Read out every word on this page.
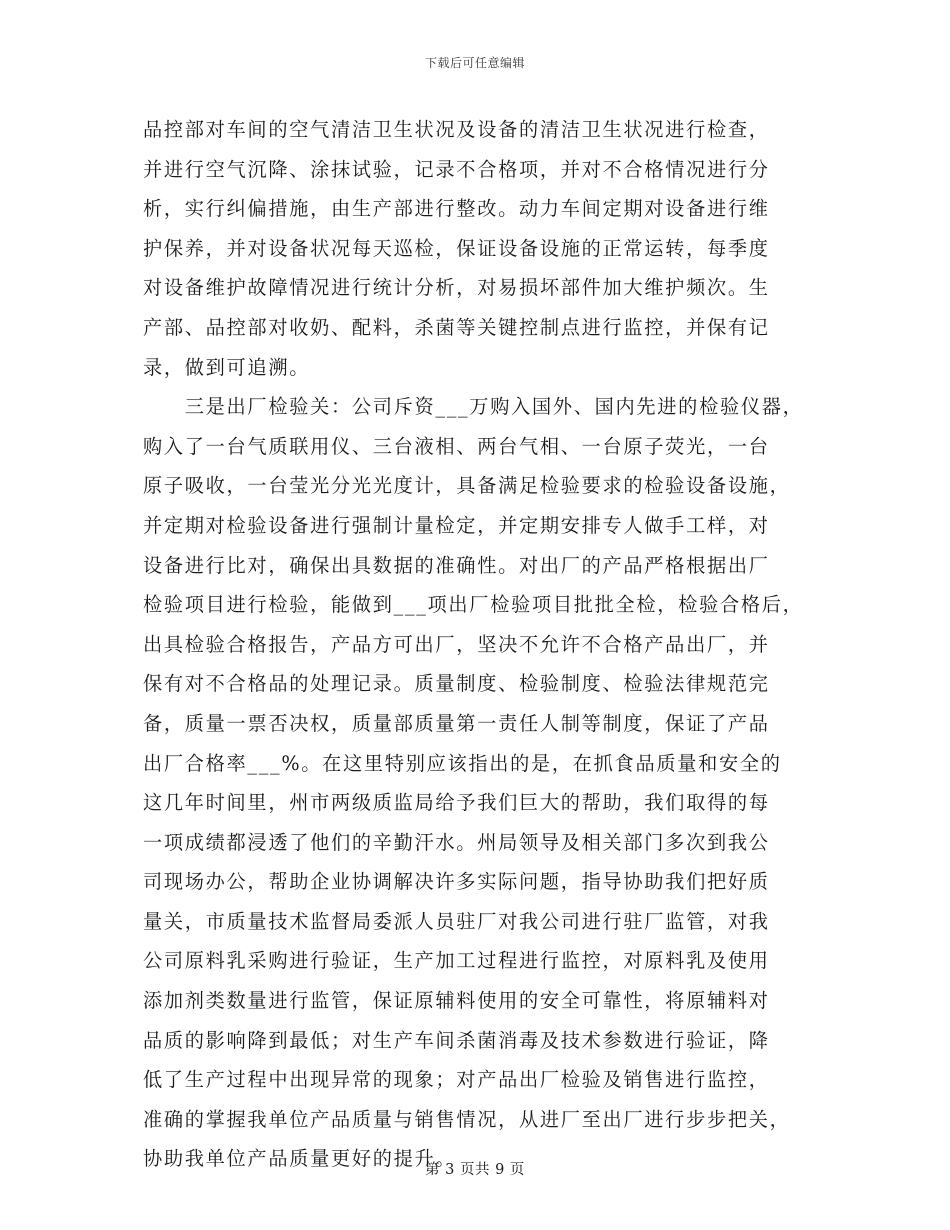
下载后可任意编辑
品控部对车间的空气清洁卫生状况及设备的清洁卫生状况进行检查，
并进行空气沉降、涂抹试验，记录不合格项，并对不合格情况进行分
析，实行纠偏措施，由生产部进行整改。动力车间定期对设备进行维
护保养，并对设备状况每天巡检，保证设备设施的正常运转，每季度
对设备维护故障情况进行统计分析，对易损坏部件加大维护频次。生
产部、品控部对收奶、配料，杀菌等关键控制点进行监控，并保有记
录，做到可追溯。
　　三是出厂检验关：公司斥资___万购入国外、国内先进的检验仪器，
购入了一台气质联用仪、三台液相、两台气相、一台原子荧光，一台
原子吸收，一台莹光分光光度计，具备满足检验要求的检验设备设施，
并定期对检验设备进行强制计量检定，并定期安排专人做手工样，对
设备进行比对，确保出具数据的准确性。对出厂的产品严格根据出厂
检验项目进行检验，能做到___项出厂检验项目批批全检，检验合格后，
出具检验合格报告，产品方可出厂，坚决不允许不合格产品出厂，并
保有对不合格品的处理记录。质量制度、检验制度、检验法律规范完
备，质量一票否决权，质量部质量第一责任人制等制度，保证了产品
出厂合格率___%。在这里特别应该指出的是，在抓食品质量和安全的
这几年时间里，州市两级质监局给予我们巨大的帮助，我们取得的每
一项成绩都浸透了他们的辛勤汗水。州局领导及相关部门多次到我公
司现场办公，帮助企业协调解决许多实际问题，指导协助我们把好质
量关，市质量技术监督局委派人员驻厂对我公司进行驻厂监管，对我
公司原料乳采购进行验证，生产加工过程进行监控，对原料乳及使用
添加剂类数量进行监管，保证原辅料使用的安全可靠性，将原辅料对
品质的影响降到最低；对生产车间杀菌消毒及技术参数进行验证，降
低了生产过程中出现异常的现象；对产品出厂检验及销售进行监控，
准确的掌握我单位产品质量与销售情况，从进厂至出厂进行步步把关，
协助我单位产品质量更好的提升。
第 3 页共 9 页
